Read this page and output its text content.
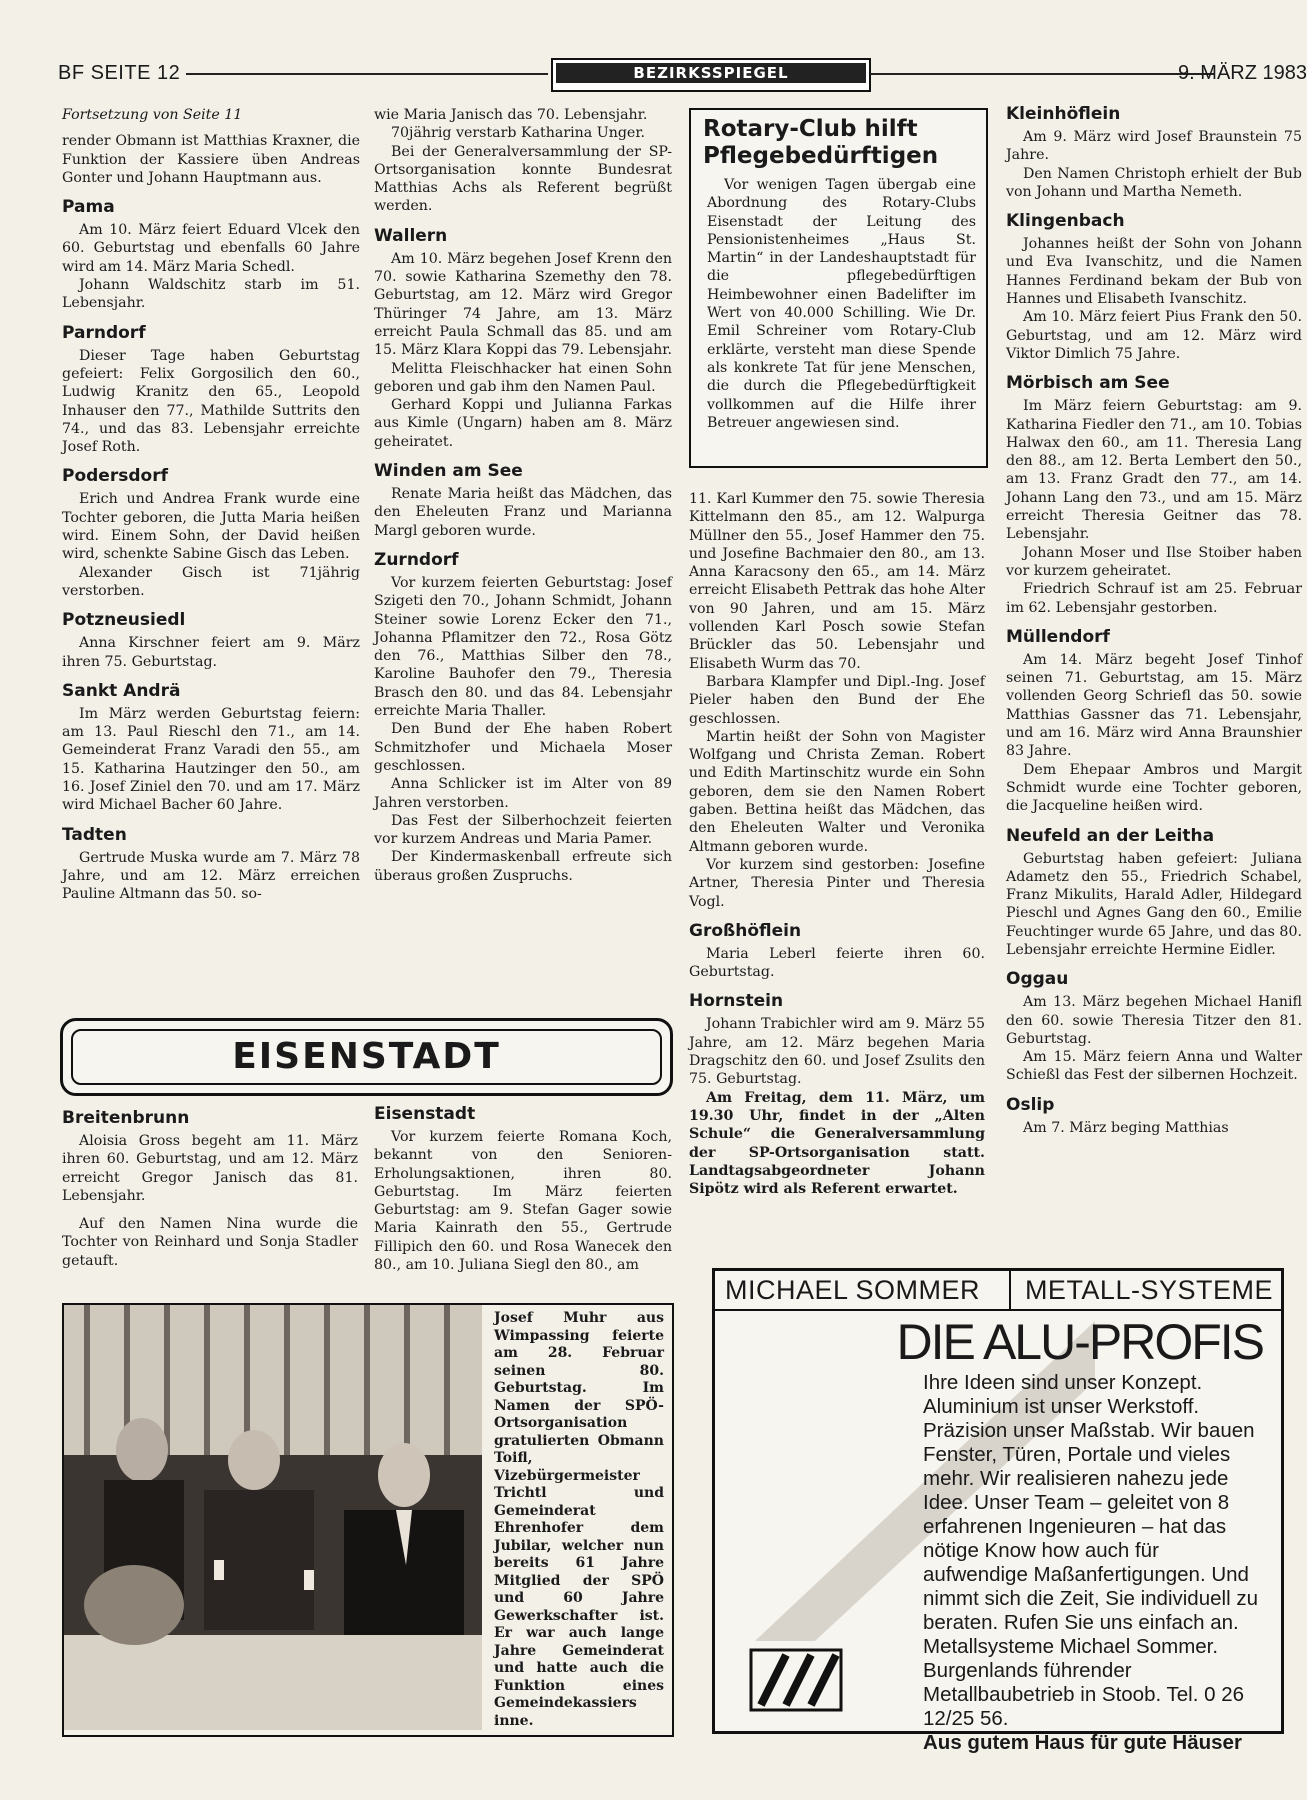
BF SEITE 12	BEZIRKSSPIEGEL	9. MÄRZ 1983

Fortsetzung von Seite 11

render Obmann ist Matthias Kraxner, die Funktion der Kassiere üben Andreas Gonter und Johann Hauptmann aus.

Pama

Am 10. März feiert Eduard Vlcek den 60. Geburtstag und ebenfalls 60 Jahre wird am 14. März Maria Schedl.

Johann Waldschitz starb im 51. Lebensjahr.

Parndorf

Dieser Tage haben Geburtstag gefeiert: Felix Gorgosilich den 60., Ludwig Kranitz den 65., Leopold Inhauser den 77., Mathilde Suttrits den 74., und das 83. Lebensjahr erreichte Josef Roth.

Podersdorf

Erich und Andrea Frank wurde eine Tochter geboren, die Jutta Maria heißen wird. Einem Sohn, der David heißen wird, schenkte Sabine Gisch das Leben.

Alexander Gisch ist 71jährig verstorben.

Potzneusiedl

Anna Kirschner feiert am 9. März ihren 75. Geburtstag.

Sankt Andrä

Im März werden Geburtstag feiern: am 13. Paul Rieschl den 71., am 14. Gemeinderat Franz Varadi den 55., am 15. Katharina Hautzinger den 50., am 16. Josef Ziniel den 70. und am 17. März wird Michael Bacher 60 Jahre.

Tadten

Gertrude Muska wurde am 7. März 78 Jahre, und am 12. März erreichen Pauline Altmann das 50. so-

wie Maria Janisch das 70. Lebensjahr.

70jährig verstarb Katharina Unger.

Bei der Generalversammlung der SP-Ortsorganisation konnte Bundesrat Matthias Achs als Referent begrüßt werden.

Wallern

Am 10. März begehen Josef Krenn den 70. sowie Katharina Szemethy den 78. Geburtstag, am 12. März wird Gregor Thüringer 74 Jahre, am 13. März erreicht Paula Schmall das 85. und am 15. März Klara Koppi das 79. Lebensjahr.

Melitta Fleischhacker hat einen Sohn geboren und gab ihm den Namen Paul.

Gerhard Koppi und Julianna Farkas aus Kimle (Ungarn) haben am 8. März geheiratet.

Winden am See

Renate Maria heißt das Mädchen, das den Eheleuten Franz und Marianna Margl geboren wurde.

Zurndorf

Vor kurzem feierten Geburtstag: Josef Szigeti den 70., Johann Schmidt, Johann Steiner sowie Lorenz Ecker den 71., Johanna Pflamitzer den 72., Rosa Götz den 76., Matthias Silber den 78., Karoline Bauhofer den 79., Theresia Brasch den 80. und das 84. Lebensjahr erreichte Maria Thaller.

Den Bund der Ehe haben Robert Schmitzhofer und Michaela Moser geschlossen.

Anna Schlicker ist im Alter von 89 Jahren verstorben.

Das Fest der Silberhochzeit feierten vor kurzem Andreas und Maria Pamer.

Der Kindermaskenball erfreute sich überaus großen Zuspruchs.

Rotary-Club hilft Pflegebedürftigen

Vor wenigen Tagen übergab eine Abordnung des Rotary-Clubs Eisenstadt der Leitung des Pensionistenheimes „Haus St. Martin“ in der Landeshauptstadt für die pflegebedürftigen Heimbewohner einen Badelifter im Wert von 40.000 Schilling. Wie Dr. Emil Schreiner vom Rotary-Club erklärte, versteht man diese Spende als konkrete Tat für jene Menschen, die durch die Pflegebedürftigkeit vollkommen auf die Hilfe ihrer Betreuer angewiesen sind.

11. Karl Kummer den 75. sowie Theresia Kittelmann den 85., am 12. Walpurga Müllner den 55., Josef Hammer den 75. und Josefine Bachmaier den 80., am 13. Anna Karacsony den 65., am 14. März erreicht Elisabeth Pettrak das hohe Alter von 90 Jahren, und am 15. März vollenden Karl Posch sowie Stefan Brückler das 50. Lebensjahr und Elisabeth Wurm das 70.

Barbara Klampfer und Dipl.-Ing. Josef Pieler haben den Bund der Ehe geschlossen.

Martin heißt der Sohn von Magister Wolfgang und Christa Zeman. Robert und Edith Martinschitz wurde ein Sohn geboren, dem sie den Namen Robert gaben. Bettina heißt das Mädchen, das den Eheleuten Walter und Veronika Altmann geboren wurde.

Vor kurzem sind gestorben: Josefine Artner, Theresia Pinter und Theresia Vogl.

Großhöflein

Maria Leberl feierte ihren 60. Geburtstag.

Hornstein

Johann Trabichler wird am 9. März 55 Jahre, am 12. März begehen Maria Dragschitz den 60. und Josef Zsulits den 75. Geburtstag.

Am Freitag, dem 11. März, um 19.30 Uhr, findet in der „Alten Schule“ die Generalversammlung der SP-Ortsorganisation statt. Landtagsabgeordneter Johann Sipötz wird als Referent erwartet.

Kleinhöflein

Am 9. März wird Josef Braunstein 75 Jahre.

Den Namen Christoph erhielt der Bub von Johann und Martha Nemeth.

Klingenbach

Johannes heißt der Sohn von Johann und Eva Ivanschitz, und die Namen Hannes Ferdinand bekam der Bub von Hannes und Elisabeth Ivanschitz.

Am 10. März feiert Pius Frank den 50. Geburtstag, und am 12. März wird Viktor Dimlich 75 Jahre.

Mörbisch am See

Im März feiern Geburtstag: am 9. Katharina Fiedler den 71., am 10. Tobias Halwax den 60., am 11. Theresia Lang den 88., am 12. Berta Lembert den 50., am 13. Franz Gradt den 77., am 14. Johann Lang den 73., und am 15. März erreicht Theresia Geitner das 78. Lebensjahr.

Johann Moser und Ilse Stoiber haben vor kurzem geheiratet.

Friedrich Schrauf ist am 25. Februar im 62. Lebensjahr gestorben.

Müllendorf

Am 14. März begeht Josef Tinhof seinen 71. Geburtstag, am 15. März vollenden Georg Schriefl das 50. sowie Matthias Gassner das 71. Lebensjahr, und am 16. März wird Anna Braunshier 83 Jahre.

Dem Ehepaar Ambros und Margit Schmidt wurde eine Tochter geboren, die Jacqueline heißen wird.

Neufeld an der Leitha

Geburtstag haben gefeiert: Juliana Adametz den 55., Friedrich Schabel, Franz Mikulits, Harald Adler, Hildegard Pieschl und Agnes Gang den 60., Emilie Feuchtinger wurde 65 Jahre, und das 80. Lebensjahr erreichte Hermine Eidler.

Oggau

Am 13. März begehen Michael Hanifl den 60. sowie Theresia Titzer den 81. Geburtstag.

Am 15. März feiern Anna und Walter Schießl das Fest der silbernen Hochzeit.

Oslip

Am 7. März beging Matthias

EISENSTADT
Breitenbrunn

Aloisia Gross begeht am 11. März ihren 60. Geburtstag, und am 12. März erreicht Gregor Janisch das 81. Lebensjahr.

Auf den Namen Nina wurde die Tochter von Reinhard und Sonja Stadler getauft.

Eisenstadt

Vor kurzem feierte Romana Koch, bekannt von den Senioren-Erholungsaktionen, ihren 80. Geburtstag. Im März feierten Geburtstag: am 9. Stefan Gager sowie Maria Kainrath den 55., Gertrude Fillipich den 60. und Rosa Wanecek den 80., am 10. Juliana Siegl den 80., am

Josef Muhr aus Wimpassing feierte am 28. Februar seinen 80. Geburtstag. Im Namen der SPÖ-Ortsorganisation gratulierten Obmann Toifl, Vizebürgermeister Trichtl und Gemeinderat Ehrenhofer dem Jubilar, welcher nun bereits 61 Jahre Mitglied der SPÖ und 60 Jahre Gewerkschafter ist. Er war auch lange Jahre Gemeinderat und hatte auch die Funktion eines Gemeindekassiers inne.
MICHAEL SOMMER METALL-SYSTEME
DIE ALU-PROFIS
Ihre Ideen sind unser Konzept. Aluminium ist unser Werkstoff. Präzision unser Maßstab. Wir bauen Fenster, Türen, Portale und vieles mehr. Wir realisieren nahezu jede Idee. Unser Team – geleitet von 8 erfahrenen Ingenieuren – hat das nötige Know how auch für aufwendige Maßanfertigungen. Und nimmt sich die Zeit, Sie individuell zu beraten. Rufen Sie uns einfach an. Metallsysteme Michael Sommer. Burgenlands führender Metallbaubetrieb in Stoob. Tel. 0 26 12/25 56.
Aus gutem Haus für gute Häuser
